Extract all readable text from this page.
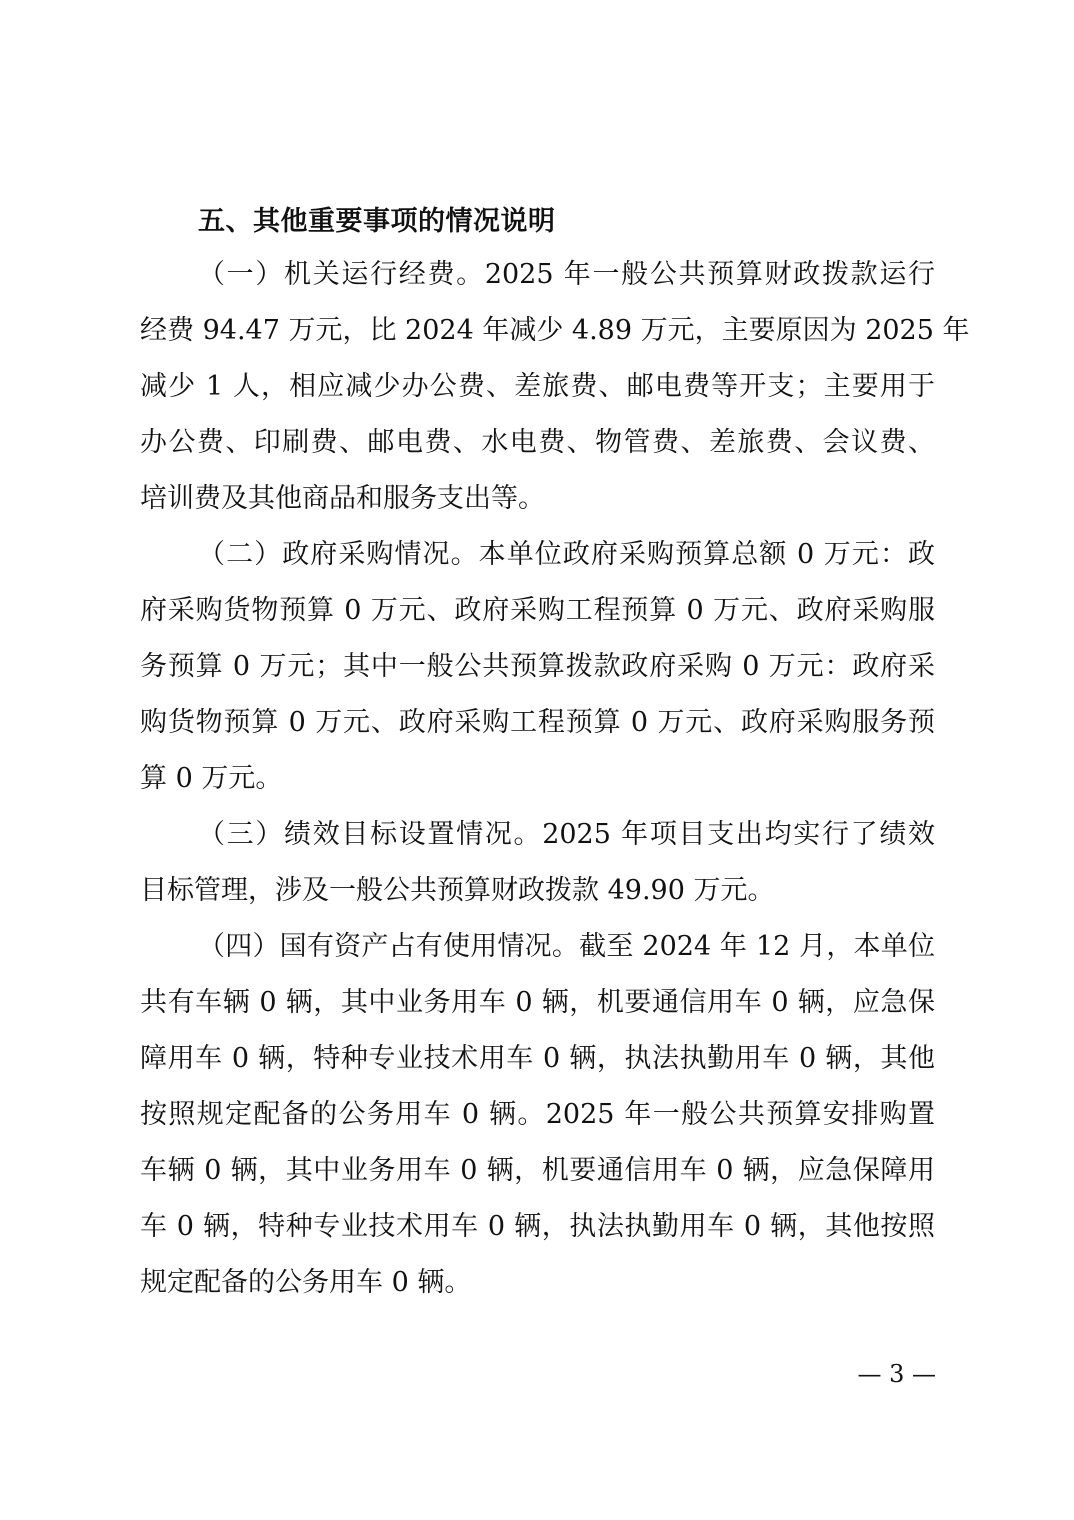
五、其他重要事项的情况说明
（一）机关运行经费。2025 年一般公共预算财政拨款运行
经费 94.47 万元，比 2024 年减少 4.89 万元，主要原因为 2025 年
减少 1 人，相应减少办公费、差旅费、邮电费等开支；主要用于
办公费、印刷费、邮电费、水电费、物管费、差旅费、会议费、
培训费及其他商品和服务支出等。
（二）政府采购情况。本单位政府采购预算总额 0 万元：政
府采购货物预算 0 万元、政府采购工程预算 0 万元、政府采购服
务预算 0 万元；其中一般公共预算拨款政府采购 0 万元：政府采
购货物预算 0 万元、政府采购工程预算 0 万元、政府采购服务预
算 0 万元。
（三）绩效目标设置情况。2025 年项目支出均实行了绩效
目标管理，涉及一般公共预算财政拨款 49.90 万元。
（四）国有资产占有使用情况。截至 2024 年 12 月，本单位
共有车辆 0 辆，其中业务用车 0 辆，机要通信用车 0 辆，应急保
障用车 0 辆，特种专业技术用车 0 辆，执法执勤用车 0 辆，其他
按照规定配备的公务用车 0 辆。2025 年一般公共预算安排购置
车辆 0 辆，其中业务用车 0 辆，机要通信用车 0 辆，应急保障用
车 0 辆，特种专业技术用车 0 辆，执法执勤用车 0 辆，其他按照
规定配备的公务用车 0 辆。
— 3 —
